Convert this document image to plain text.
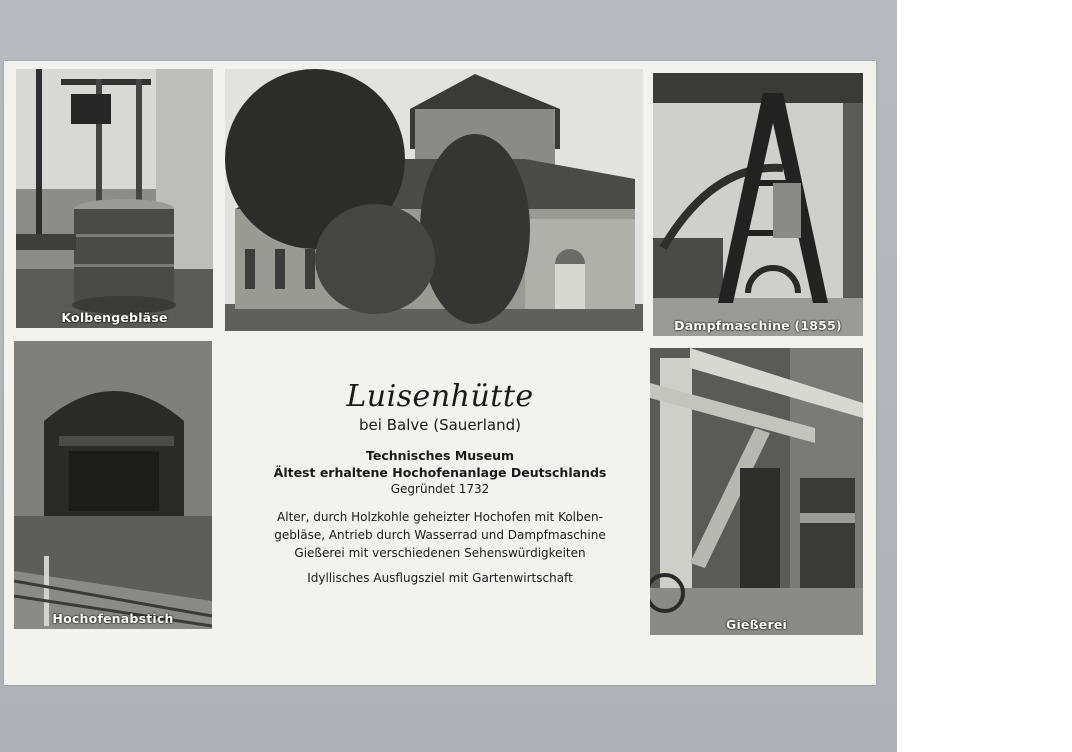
Kolbengebläse
Dampfmaschine (1855)
Hochofenabstich	Gießerei
Luisenhütte
bei Balve (Sauerland)
Technisches Museum
Ältest erhaltene Hochofenanlage Deutschlands
Gegründet 1732
Alter, durch Holzkohle geheizter Hochofen mit Kolben-
gebläse, Antrieb durch Wasserrad und Dampfmaschine
Gießerei mit verschiedenen Sehenswürdigkeiten
Idyllisches Ausflugsziel mit Gartenwirtschaft
